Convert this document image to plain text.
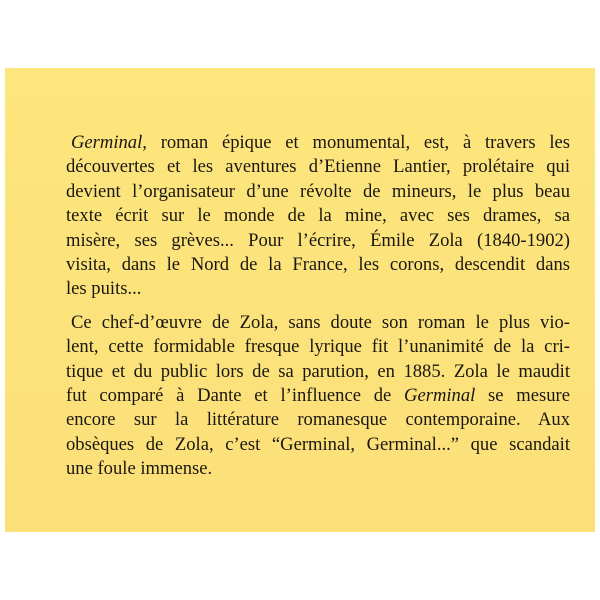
Germinal, roman épique et monumental, est, à travers les
découvertes et les aventures d’Etienne Lantier, prolétaire qui
devient l’organisateur d’une révolte de mineurs, le plus beau
texte écrit sur le monde de la mine, avec ses drames, sa
misère, ses grèves... Pour l’écrire, Émile Zola (1840-1902)
visita, dans le Nord de la France, les corons, descendit dans
les puits...
Ce chef-d’œuvre de Zola, sans doute son roman le plus vio-
lent, cette formidable fresque lyrique fit l’unanimité de la cri-
tique et du public lors de sa parution, en 1885. Zola le maudit
fut comparé à Dante et l’influence de Germinal se mesure
encore sur la littérature romanesque contemporaine. Aux
obsèques de Zola, c’est “Germinal, Germinal...” que scandait
une foule immense.
